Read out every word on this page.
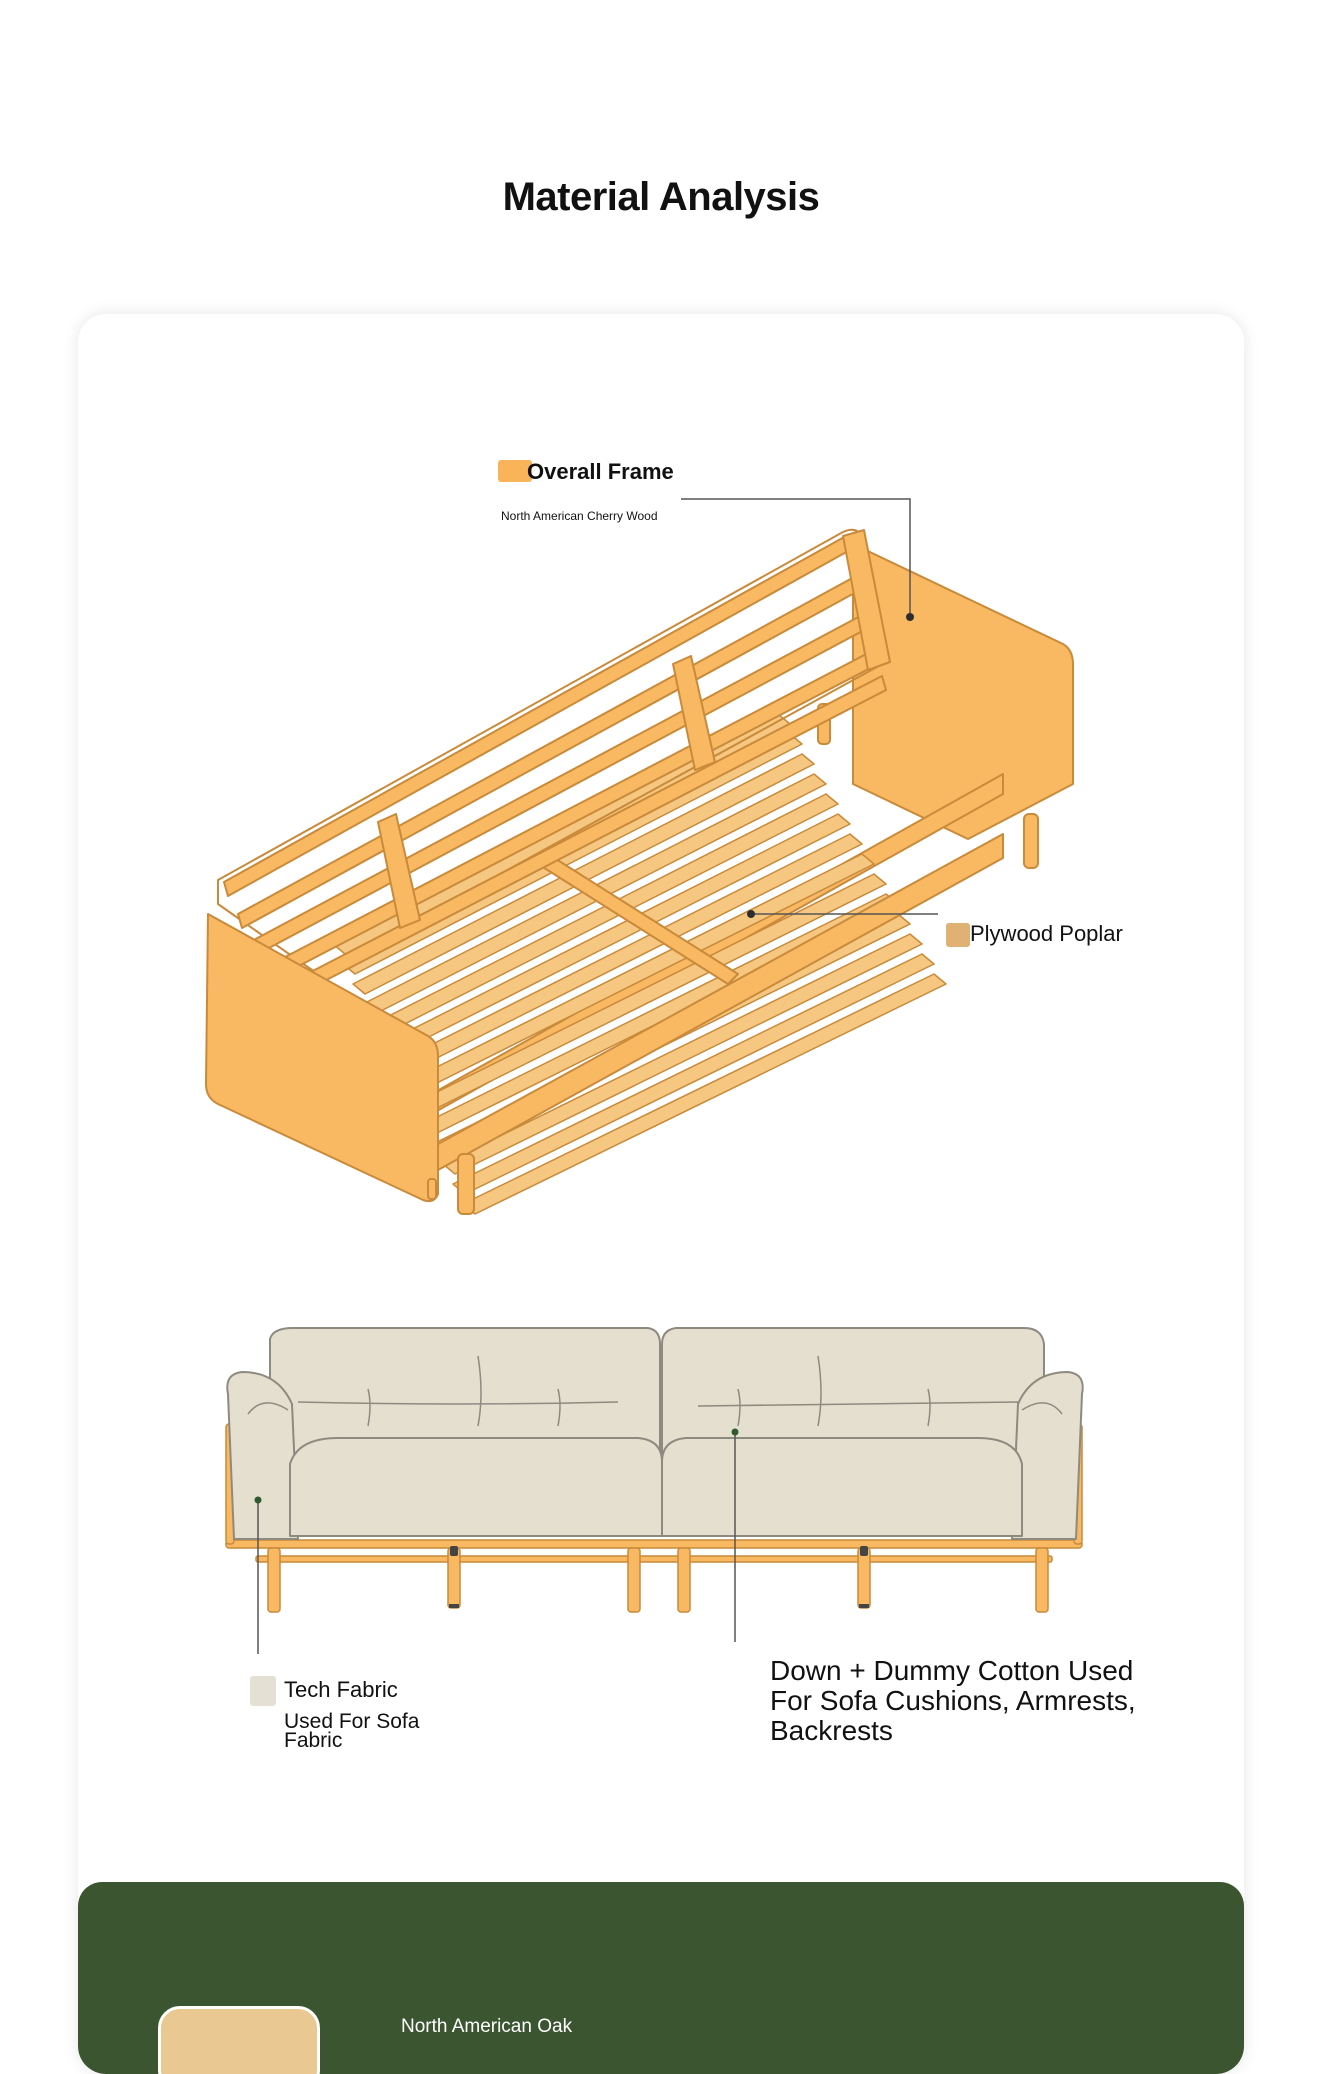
Material Analysis
Overall Frame
North American Cherry Wood
Plywood Poplar
Tech Fabric
Used For Sofa Fabric
Down + Dummy Cotton Used For Sofa Cushions, Armrests, Backrests
North American Oak
